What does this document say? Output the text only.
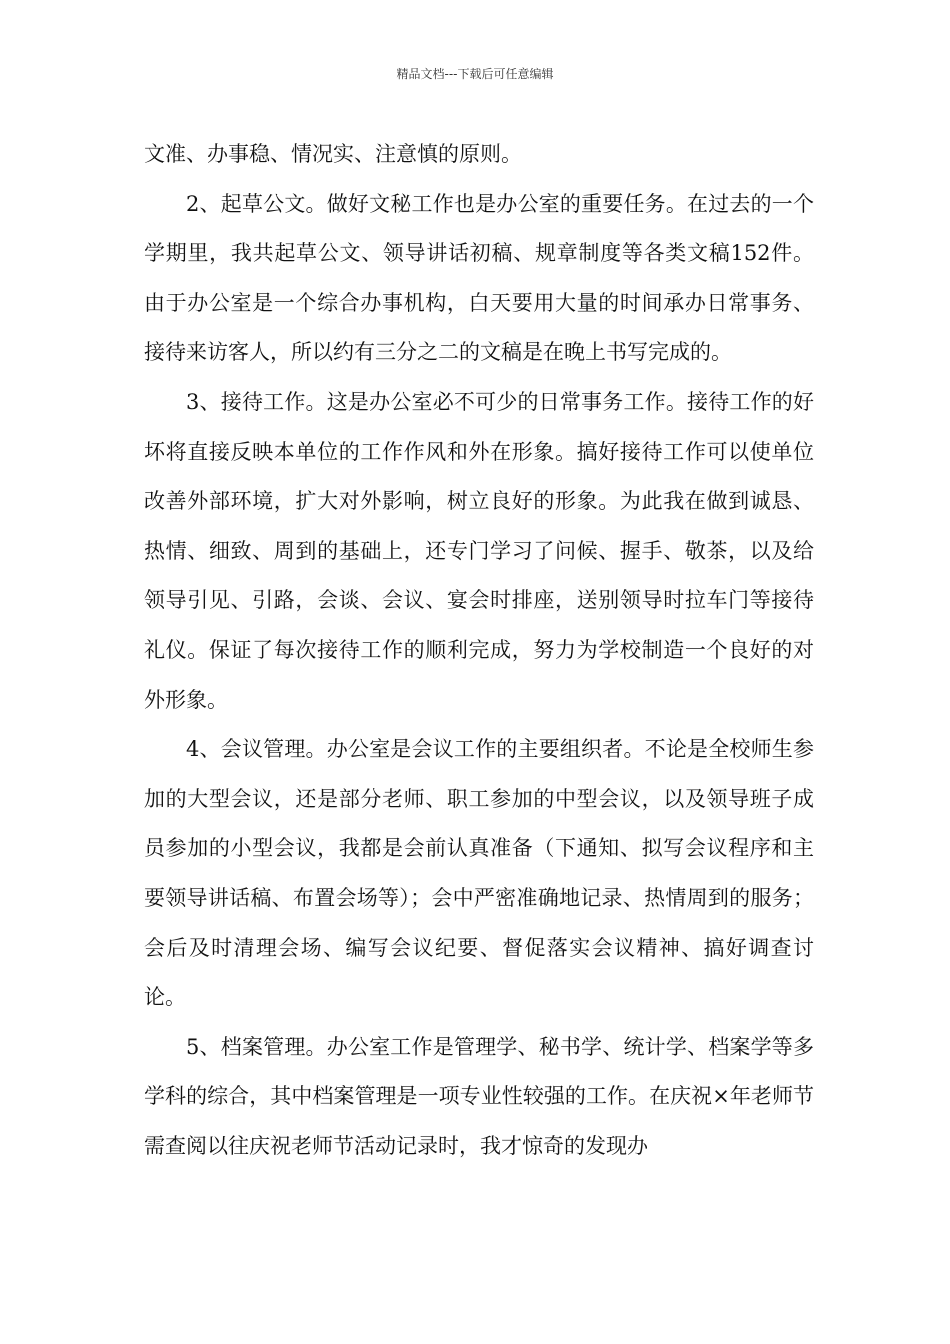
精品文档---下载后可任意编辑

文准、办事稳、情况实、注意慎的原则。

2、起草公文。做好文秘工作也是办公室的重要任务。在过去的一个学期里，我共起草公文、领导讲话初稿、规章制度等各类文稿152件。由于办公室是一个综合办事机构，白天要用大量的时间承办日常事务、接待来访客人，所以约有三分之二的文稿是在晚上书写完成的。

3、接待工作。这是办公室必不可少的日常事务工作。接待工作的好坏将直接反映本单位的工作作风和外在形象。搞好接待工作可以使单位改善外部环境，扩大对外影响，树立良好的形象。为此我在做到诚恳、热情、细致、周到的基础上，还专门学习了问候、握手、敬茶，以及给领导引见、引路，会谈、会议、宴会时排座，送别领导时拉车门等接待礼仪。保证了每次接待工作的顺利完成，努力为学校制造一个良好的对外形象。

4、会议管理。办公室是会议工作的主要组织者。不论是全校师生参加的大型会议，还是部分老师、职工参加的中型会议，以及领导班子成员参加的小型会议，我都是会前认真准备（下通知、拟写会议程序和主要领导讲话稿、布置会场等）；会中严密准确地记录、热情周到的服务；会后及时清理会场、编写会议纪要、督促落实会议精神、搞好调查讨论。

5、档案管理。办公室工作是管理学、秘书学、统计学、档案学等多学科的综合，其中档案管理是一项专业性较强的工作。在庆祝×年老师节需查阅以往庆祝老师节活动记录时，我才惊奇的发现办
